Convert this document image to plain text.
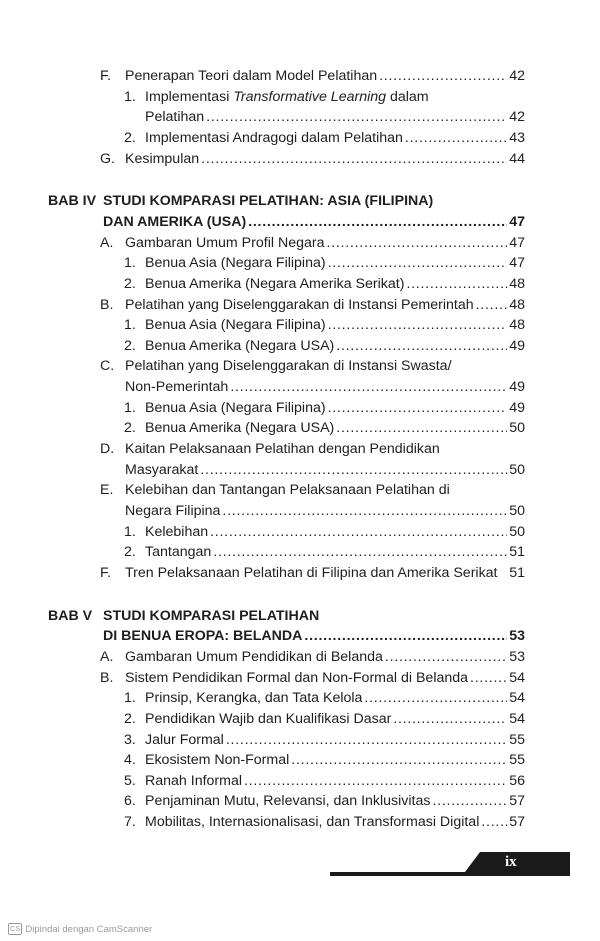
F. Penerapan Teori dalam Model Pelatihan	42
. . .
1. Implementasi Transformative Learning dalam
Pelatihan	42
. . .
2. Implementasi Andragogi dalam Pelatihan	43
. . .
G. Kesimpulan	44
. . .
BAB IV STUDI KOMPARASI PELATIHAN: ASIA (FILIPINA)
DAN AMERIKA (USA)	47
. . .
A. Gambaran Umum Profil Negara	47
. . .
1. Benua Asia (Negara Filipina)	47
. . .
2. Benua Amerika (Negara Amerika Serikat)	48
. . .
B. Pelatihan yang Diselenggarakan di Instansi Pemerintah	48
. . .
1. Benua Asia (Negara Filipina)	48
. . .
2. Benua Amerika (Negara USA)	49
. . .
C. Pelatihan yang Diselenggarakan di Instansi Swasta/
Non-Pemerintah	49
. . .
1. Benua Asia (Negara Filipina)	49
. . .
2. Benua Amerika (Negara USA)	50
. . .
D. Kaitan Pelaksanaan Pelatihan dengan Pendidikan
Masyarakat	50
. . .
E. Kelebihan dan Tantangan Pelaksanaan Pelatihan di
Negara Filipina	50
. . .
1. Kelebihan	50
. . .
2. Tantangan	51
. . .
F. Tren Pelaksanaan Pelatihan di Filipina dan Amerika Serikat 51
BAB V STUDI KOMPARASI PELATIHAN
DI BENUA EROPA: BELANDA	53
. . .
A. Gambaran Umum Pendidikan di Belanda	53
. . .
B. Sistem Pendidikan Formal dan Non-Formal di Belanda	54
. . .
1. Prinsip, Kerangka, dan Tata Kelola	54
. . .
2. Pendidikan Wajib dan Kualifikasi Dasar	54
. . .
3. Jalur Formal	55
. . .
4. Ekosistem Non-Formal	55
. . .
5. Ranah Informal	56
. . .
6. Penjaminan Mutu, Relevansi, dan Inklusivitas	57
. . .
7. Mobilitas, Internasionalisasi, dan Transformasi Digital 57
. . .
ix
CS Dipindai dengan CamScanner
